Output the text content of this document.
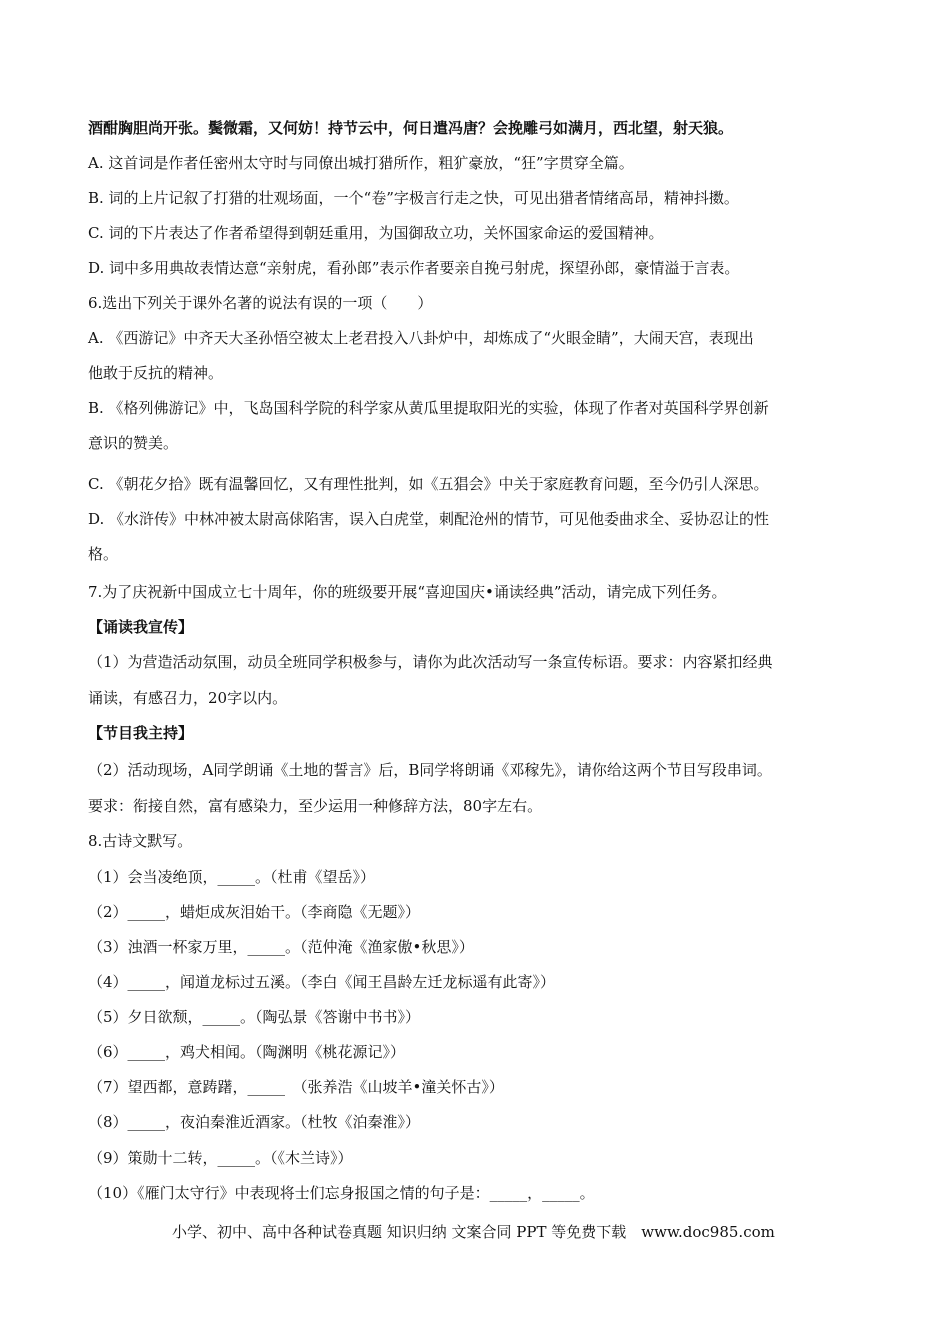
酒酣胸胆尚开张。鬓微霜，又何妨！持节云中，何日遣冯唐？会挽雕弓如满月，西北望，射天狼。
A. 这首词是作者任密州太守时与同僚出城打猎所作，粗犷豪放，“狂”字贯穿全篇。
B. 词的上片记叙了打猎的壮观场面，一个“卷”字极言行走之快，可见出猎者情绪高昂，精神抖擞。
C. 词的下片表达了作者希望得到朝廷重用，为国御敌立功，关怀国家命运的爱国精神。
D. 词中多用典故表情达意“亲射虎，看孙郎”表示作者要亲自挽弓射虎，探望孙郎，豪情溢于言表。
6.选出下列关于课外名著的说法有误的一项（　　）
A. 《西游记》中齐天大圣孙悟空被太上老君投入八卦炉中，却炼成了“火眼金睛”，大闹天宫，表现出
他敢于反抗的精神。
B. 《格列佛游记》中，飞岛国科学院的科学家从黄瓜里提取阳光的实验，体现了作者对英国科学界创新
意识的赞美。
C. 《朝花夕拾》既有温馨回忆，又有理性批判，如《五猖会》中关于家庭教育问题，至今仍引人深思。
D. 《水浒传》中林冲被太尉高俅陷害，误入白虎堂，刺配沧州的情节，可见他委曲求全、妥协忍让的性
格。
7.为了庆祝新中国成立七十周年，你的班级要开展“喜迎国庆•诵读经典”活动，请完成下列任务。
【诵读我宣传】
（1）为营造活动氛围，动员全班同学积极参与，请你为此次活动写一条宣传标语。要求：内容紧扣经典
诵读，有感召力，20字以内。
【节目我主持】
（2）活动现场，A同学朗诵《土地的誓言》后，B同学将朗诵《邓稼先》，请你给这两个节目写段串词。
要求：衔接自然，富有感染力，至少运用一种修辞方法，80字左右。
8.古诗文默写。
（1）会当凌绝顶，_____。（杜甫《望岳》）
（2）_____，蜡炬成灰泪始干。（李商隐《无题》）
（3）浊酒一杯家万里，_____。（范仲淹《渔家傲•秋思》）
（4）_____，闻道龙标过五溪。（李白《闻王昌龄左迁龙标遥有此寄》）
（5）夕日欲颓，_____。（陶弘景《答谢中书书》）
（6）_____，鸡犬相闻。（陶渊明《桃花源记》）
（7）望西都，意踌躇，_____　（张养浩《山坡羊•潼关怀古》）
（8）_____，夜泊秦淮近酒家。（杜牧《泊秦淮》）
（9）策勋十二转，_____。（《木兰诗》）
（10）《雁门太守行》中表现将士们忘身报国之情的句子是：_____，_____。
小学、初中、高中各种试卷真题 知识归纳 文案合同 PPT 等免费下载　www.doc985.com
